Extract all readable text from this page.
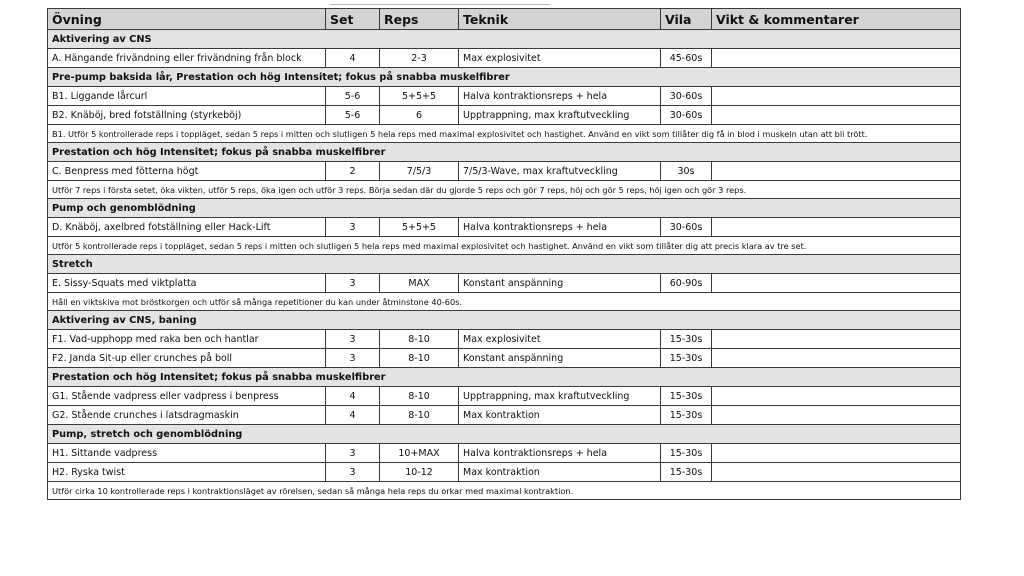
Övning	Set	Reps	Teknik	Vila	Vikt & kommentarer
Aktivering av CNS					
A. Hängande frivändning eller frivändning från block	4	2-3	Max explosivitet	45-60s	
Pre-pump baksida lår, Prestation och hög Intensitet; fokus på snabba muskelfibrer					
B1. Liggande lårcurl	5-6	5+5+5	Halva kontraktionsreps + hela	30-60s	
B2. Knäböj, bred fotställning (styrkeböj)	5-6	6	Upptrappning, max kraftutveckling	30-60s	
B1. Utför 5 kontrollerade reps i toppläget, sedan 5 reps i mitten och slutligen 5 hela reps med maximal explosivitet och hastighet. Använd en vikt som tillåter dig få in blod i muskeln utan att bli trött.					
Prestation och hög Intensitet; fokus på snabba muskelfibrer					
C. Benpress med fötterna högt	2	7/5/3	7/5/3-Wave, max kraftutveckling	30s	
Utför 7 reps i första setet, öka vikten, utför 5 reps, öka igen och utför 3 reps. Börja sedan där du gjorde 5 reps och gör 7 reps, höj och gör 5 reps, höj igen och gör 3 reps.					
Pump och genomblödning					
D. Knäböj, axelbred fotställning eller Hack-Lift	3	5+5+5	Halva kontraktionsreps + hela	30-60s	
Utför 5 kontrollerade reps i toppläget, sedan 5 reps i mitten och slutligen 5 hela reps med maximal explosivitet och hastighet. Använd en vikt som tillåter dig att precis klara av tre set.					
Stretch					
E. Sissy-Squats med viktplatta	3	MAX	Konstant anspänning	60-90s	
Håll en viktskiva mot bröstkorgen och utför så många repetitioner du kan under åtminstone 40-60s.					
Aktivering av CNS, baning					
F1. Vad-upphopp med raka ben och hantlar	3	8-10	Max explosivitet	15-30s	
F2. Janda Sit-up eller crunches på boll	3	8-10	Konstant anspänning	15-30s	
Prestation och hög Intensitet; fokus på snabba muskelfibrer					
G1. Stående vadpress eller vadpress i benpress	4	8-10	Upptrappning, max kraftutveckling	15-30s	
G2. Stående crunches i latsdragmaskin	4	8-10	Max kontraktion	15-30s	
Pump, stretch och genomblödning					
H1. Sittande vadpress	3	10+MAX	Halva kontraktionsreps + hela	15-30s	
H2. Ryska twist	3	10-12	Max kontraktion	15-30s	
Utför cirka 10 kontrollerade reps i kontraktionsläget av rörelsen, sedan så många hela reps du orkar med maximal kontraktion.					
